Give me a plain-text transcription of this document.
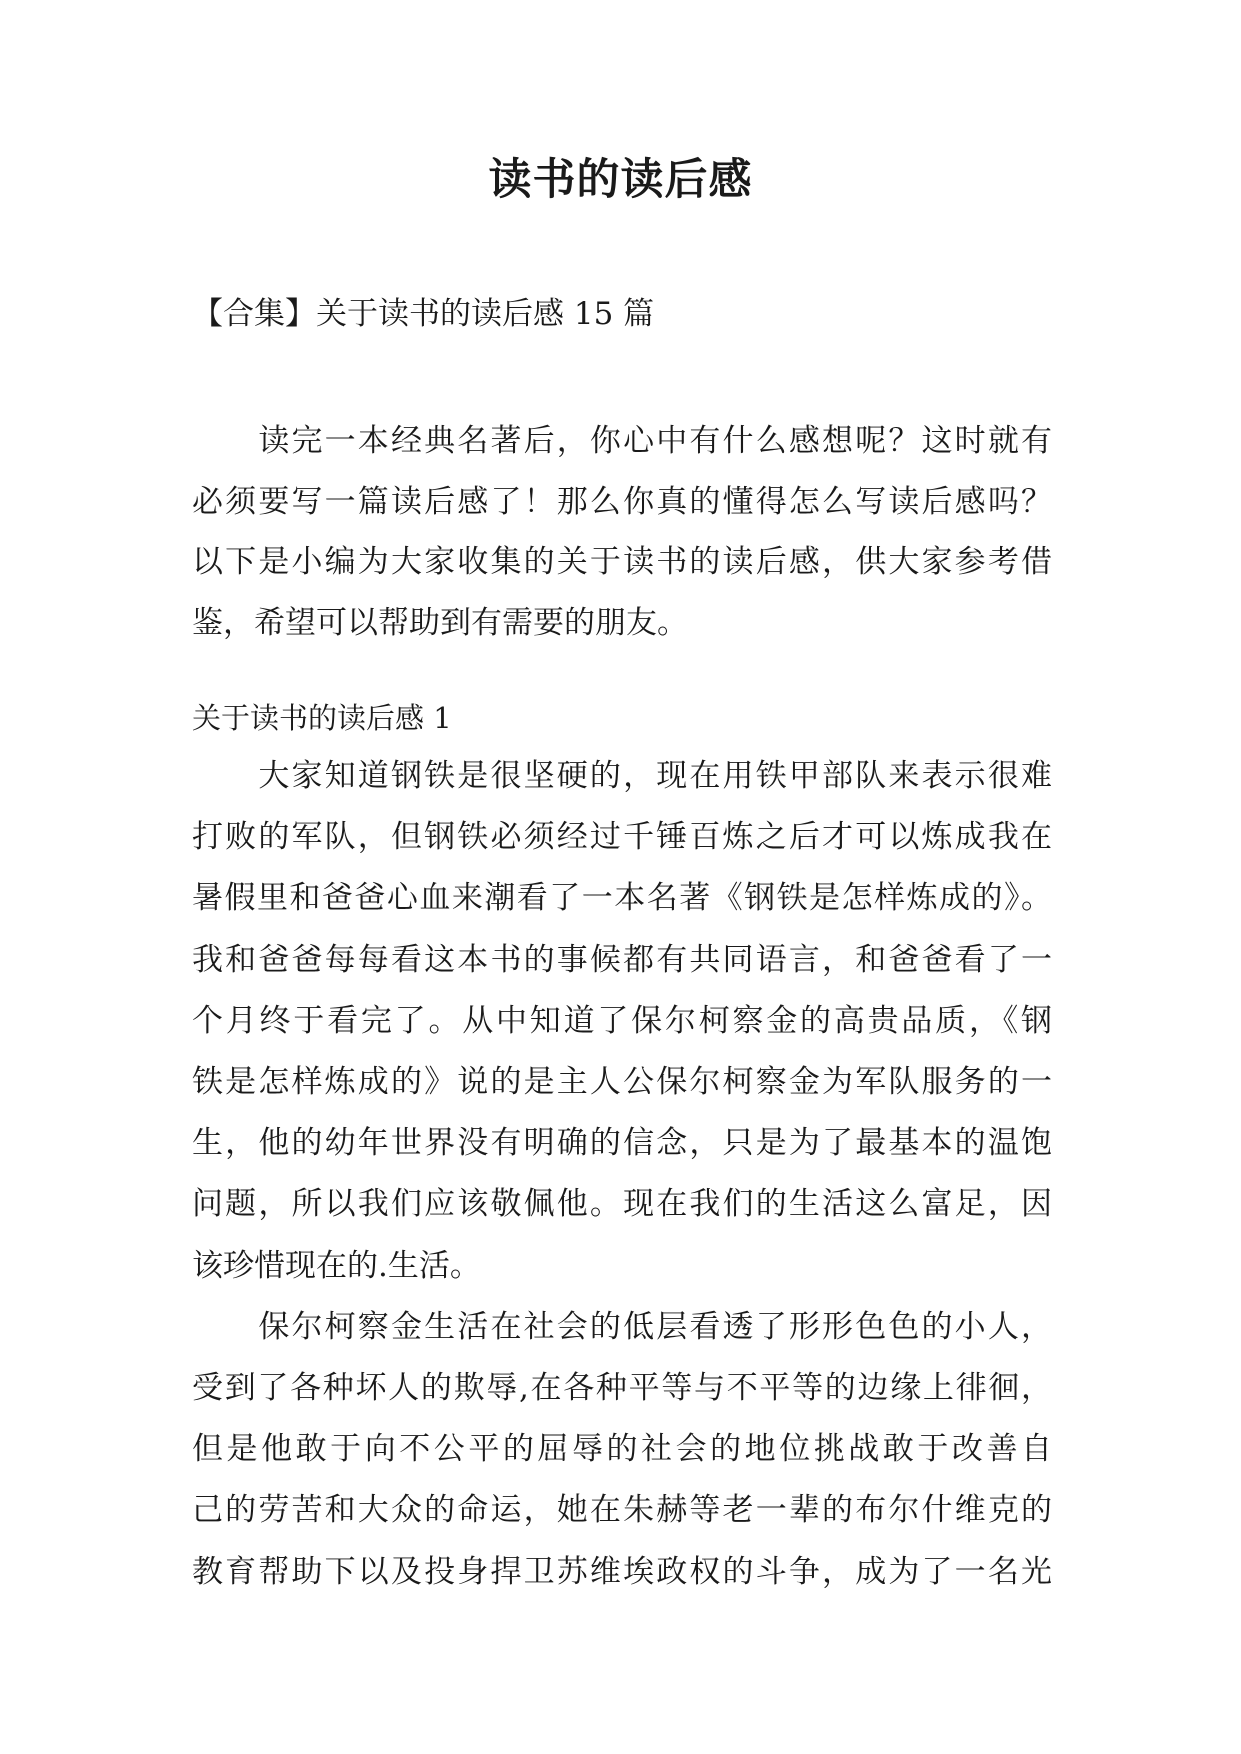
读书的读后感
【合集】关于读书的读后感 15 篇
　　读完一本经典名著后，你心中有什么感想呢？这时就有
必须要写一篇读后感了！那么你真的懂得怎么写读后感吗？
以下是小编为大家收集的关于读书的读后感，供大家参考借
鉴，希望可以帮助到有需要的朋友。
关于读书的读后感 1
　　大家知道钢铁是很坚硬的，现在用铁甲部队来表示很难
打败的军队，但钢铁必须经过千锤百炼之后才可以炼成我在
暑假里和爸爸心血来潮看了一本名著《钢铁是怎样炼成的》。
我和爸爸每每看这本书的事候都有共同语言，和爸爸看了一
个月终于看完了。从中知道了保尔柯察金的高贵品质，《钢
铁是怎样炼成的》说的是主人公保尔柯察金为军队服务的一
生，他的幼年世界没有明确的信念，只是为了最基本的温饱
问题，所以我们应该敬佩他。现在我们的生活这么富足，因
该珍惜现在的.生活。
　　保尔柯察金生活在社会的低层看透了形形色色的小人，
受到了各种坏人的欺辱,在各种平等与不平等的边缘上徘徊，
但是他敢于向不公平的屈辱的社会的地位挑战敢于改善自
己的劳苦和大众的命运，她在朱赫等老一辈的布尔什维克的
教育帮助下以及投身捍卫苏维埃政权的斗争，成为了一名光
